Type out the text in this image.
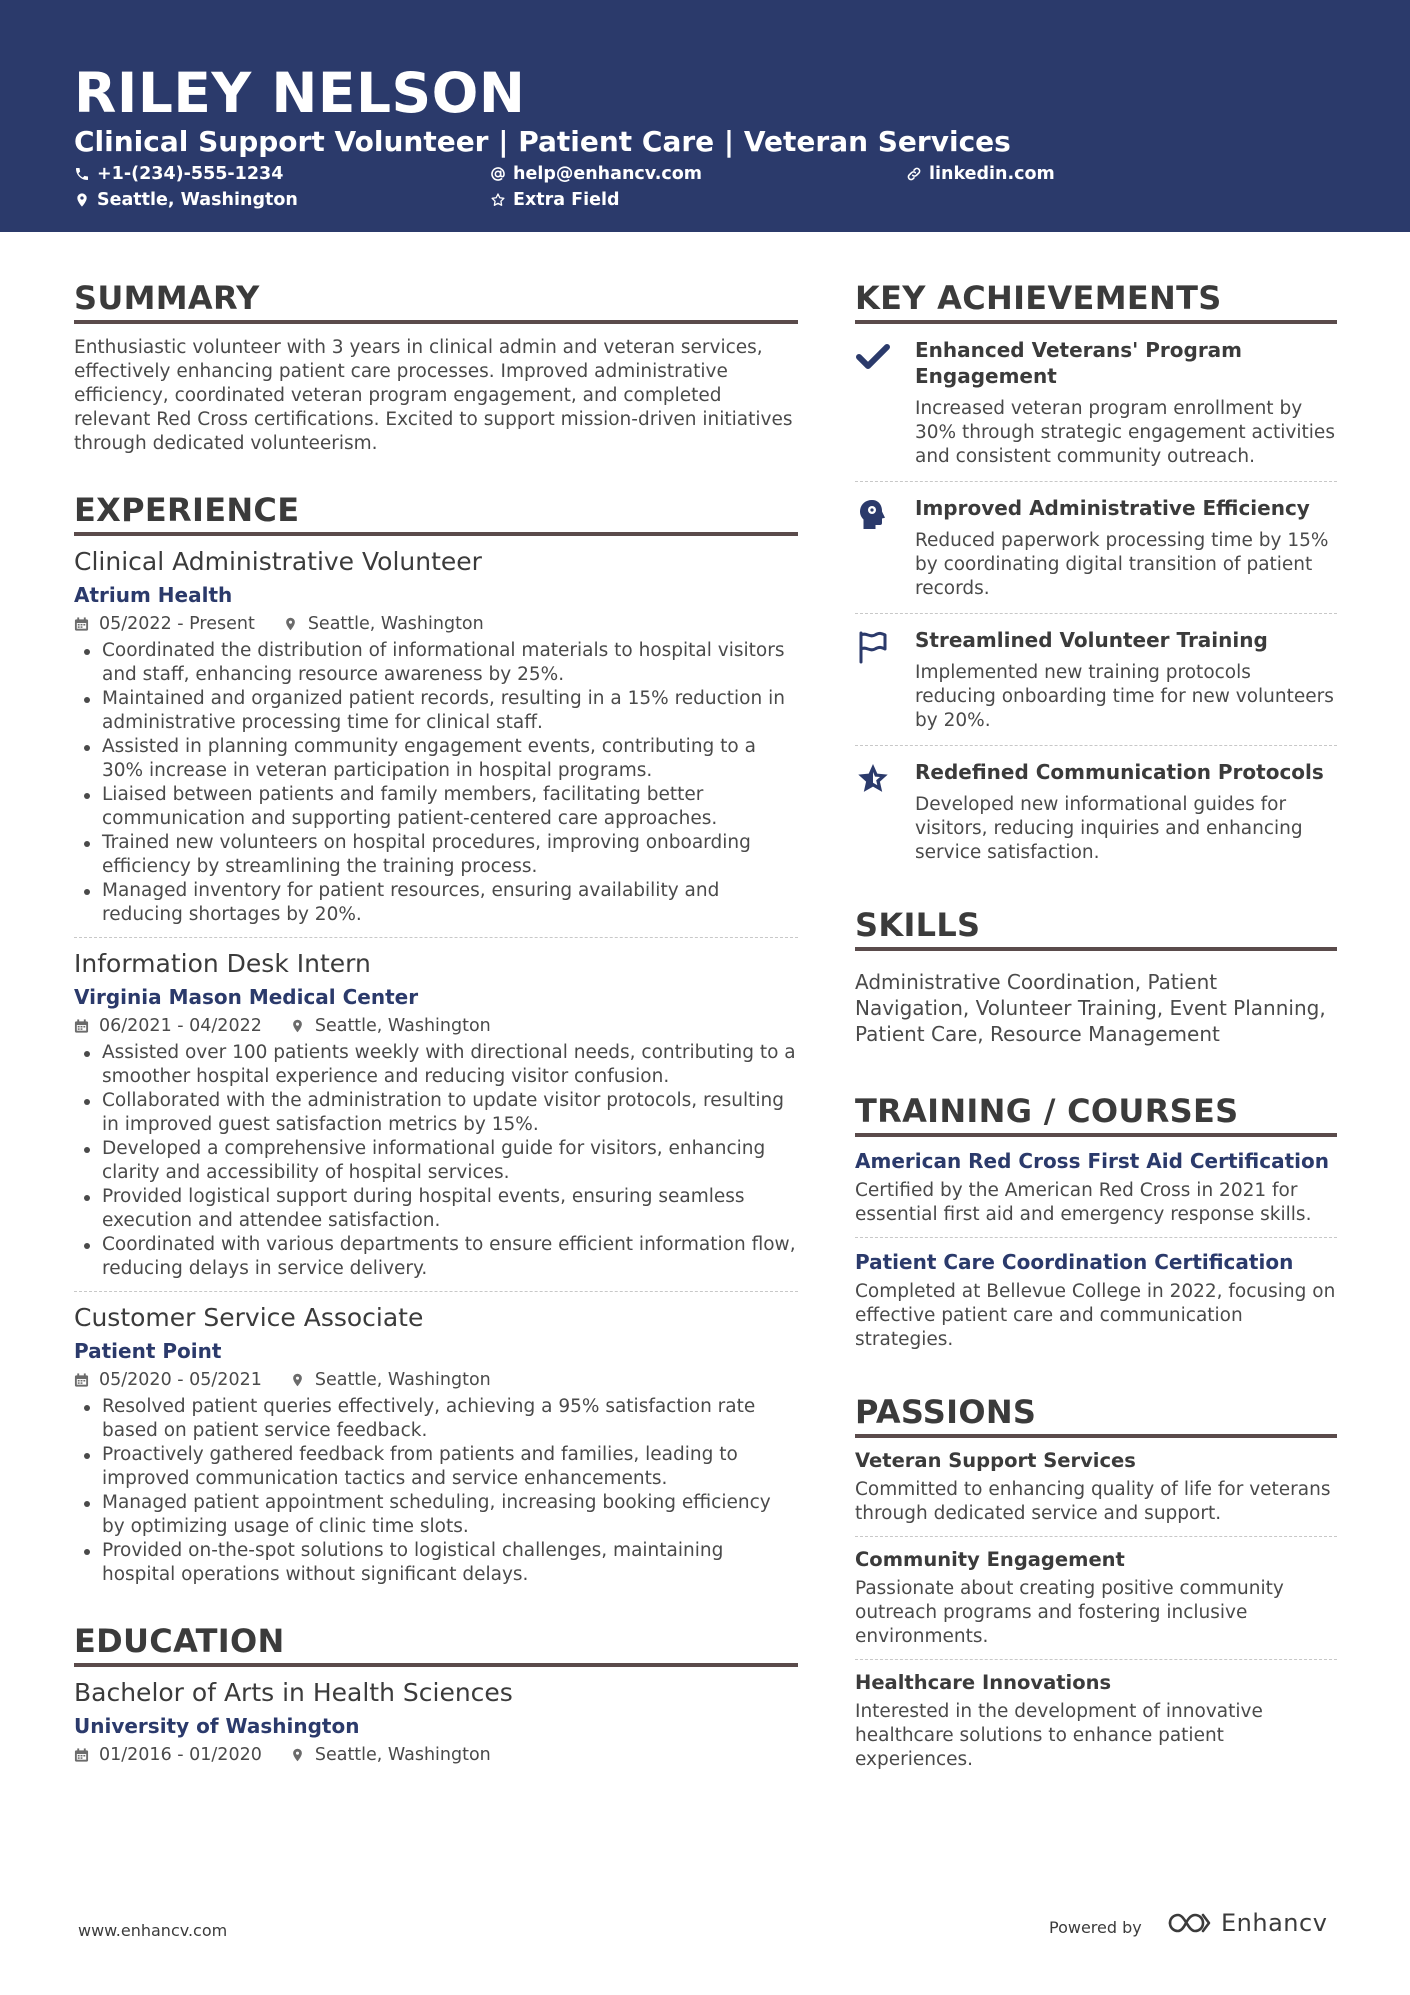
RILEY NELSON
Clinical Support Volunteer | Patient Care | Veteran Services
+1-(234)-555-1234	help@enhancv.com	linkedin.com
Seattle, Washington	Extra Field
SUMMARY

Enthusiastic volunteer with 3 years in clinical admin and veteran services, effectively enhancing patient care processes. Improved administrative efficiency, coordinated veteran program engagement, and completed relevant Red Cross certifications. Excited to support mission-driven initiatives through dedicated volunteerism.

EXPERIENCE
Clinical Administrative Volunteer
Atrium Health
05/2022 - Present	Seattle, Washington
Coordinated the distribution of informational materials to hospital visitors and staff, enhancing resource awareness by 25%.
Maintained and organized patient records, resulting in a 15% reduction in administrative processing time for clinical staff.
Assisted in planning community engagement events, contributing to a 30% increase in veteran participation in hospital programs.
Liaised between patients and family members, facilitating better communication and supporting patient-centered care approaches.
Trained new volunteers on hospital procedures, improving onboarding efficiency by streamlining the training process.
Managed inventory for patient resources, ensuring availability and reducing shortages by 20%.
Information Desk Intern
Virginia Mason Medical Center
06/2021 - 04/2022	Seattle, Washington
Assisted over 100 patients weekly with directional needs, contributing to a smoother hospital experience and reducing visitor confusion.
Collaborated with the administration to update visitor protocols, resulting in improved guest satisfaction metrics by 15%.
Developed a comprehensive informational guide for visitors, enhancing clarity and accessibility of hospital services.
Provided logistical support during hospital events, ensuring seamless execution and attendee satisfaction.
Coordinated with various departments to ensure efficient information flow, reducing delays in service delivery.
Customer Service Associate
Patient Point
05/2020 - 05/2021	Seattle, Washington
Resolved patient queries effectively, achieving a 95% satisfaction rate based on patient service feedback.
Proactively gathered feedback from patients and families, leading to improved communication tactics and service enhancements.
Managed patient appointment scheduling, increasing booking efficiency by optimizing usage of clinic time slots.
Provided on-the-spot solutions to logistical challenges, maintaining hospital operations without significant delays.
EDUCATION
Bachelor of Arts in Health Sciences
University of Washington
01/2016 - 01/2020	Seattle, Washington
KEY ACHIEVEMENTS
Enhanced Veterans' Program Engagement
Increased veteran program enrollment by 30% through strategic engagement activities and consistent community outreach.
Improved Administrative Efficiency
Reduced paperwork processing time by 15% by coordinating digital transition of patient records.
Streamlined Volunteer Training
Implemented new training protocols reducing onboarding time for new volunteers by 20%.
Redefined Communication Protocols
Developed new informational guides for visitors, reducing inquiries and enhancing service satisfaction.
SKILLS

Administrative Coordination, Patient Navigation, Volunteer Training, Event Planning, Patient Care, Resource Management

TRAINING / COURSES
American Red Cross First Aid Certification
Certified by the American Red Cross in 2021 for essential first aid and emergency response skills.
Patient Care Coordination Certification
Completed at Bellevue College in 2022, focusing on effective patient care and communication strategies.
PASSIONS
Veteran Support Services
Committed to enhancing quality of life for veterans through dedicated service and support.
Community Engagement
Passionate about creating positive community outreach programs and fostering inclusive environments.
Healthcare Innovations
Interested in the development of innovative healthcare solutions to enhance patient experiences.
www.enhancv.com	Powered by	Enhancv
